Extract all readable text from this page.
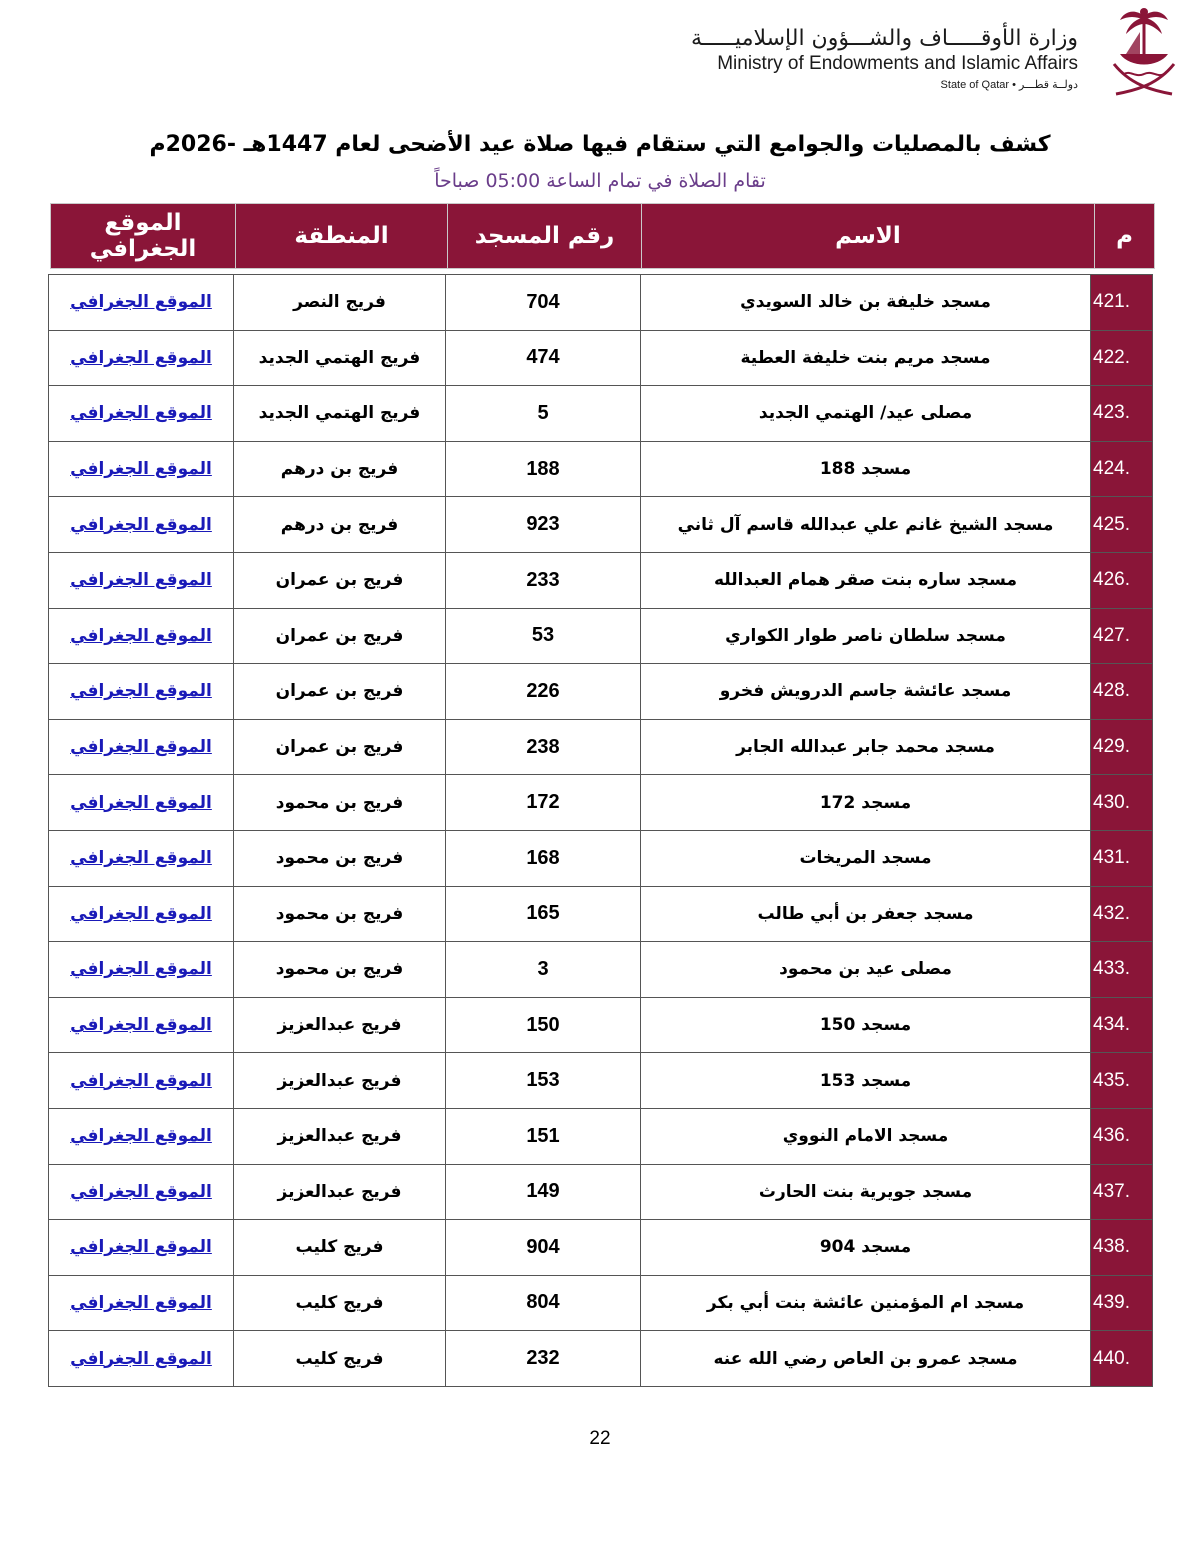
وزارة الأوقـــــاف والشـــؤون الإسلاميـــــة
Ministry of Endowments and Islamic Affairs
State of Qatar • دولــة قطـــر
كشف بالمصليات والجوامع التي ستقام فيها صلاة عيد الأضحى لعام 1447هـ -2026م
تقام الصلاة في تمام الساعة 05:00 صباحاً
م	الاسم	رقم المسجد	المنطقة	الموقع الجغرافي
.421	مسجد خليفة بن خالد السويدي	704	فريج النصر	الموقع الجغرافي
.422	مسجد مريم بنت خليفة العطية	474	فريج الهتمي الجديد	الموقع الجغرافي
.423	مصلى عيد/ الهتمي الجديد	5	فريج الهتمي الجديد	الموقع الجغرافي
.424	مسجد 188	188	فريج بن درهم	الموقع الجغرافي
.425	مسجد الشيخ غانم علي عبدالله قاسم آل ثاني	923	فريج بن درهم	الموقع الجغرافي
.426	مسجد ساره بنت صقر همام العبدالله	233	فريج بن عمران	الموقع الجغرافي
.427	مسجد سلطان ناصر طوار الكواري	53	فريج بن عمران	الموقع الجغرافي
.428	مسجد عائشة جاسم الدرويش فخرو	226	فريج بن عمران	الموقع الجغرافي
.429	مسجد محمد جابر عبدالله الجابر	238	فريج بن عمران	الموقع الجغرافي
.430	مسجد 172	172	فريج بن محمود	الموقع الجغرافي
.431	مسجد المريخات	168	فريج بن محمود	الموقع الجغرافي
.432	مسجد جعفر بن أبي طالب	165	فريج بن محمود	الموقع الجغرافي
.433	مصلى عيد بن محمود	3	فريج بن محمود	الموقع الجغرافي
.434	مسجد 150	150	فريج عبدالعزيز	الموقع الجغرافي
.435	مسجد 153	153	فريج عبدالعزيز	الموقع الجغرافي
.436	مسجد الامام النووي	151	فريج عبدالعزيز	الموقع الجغرافي
.437	مسجد جويرية بنت الحارث	149	فريج عبدالعزيز	الموقع الجغرافي
.438	مسجد 904	904	فريج كليب	الموقع الجغرافي
.439	مسجد ام المؤمنين عائشة بنت أبي بكر	804	فريج كليب	الموقع الجغرافي
.440	مسجد عمرو بن العاص رضي الله عنه	232	فريج كليب	الموقع الجغرافي
22
